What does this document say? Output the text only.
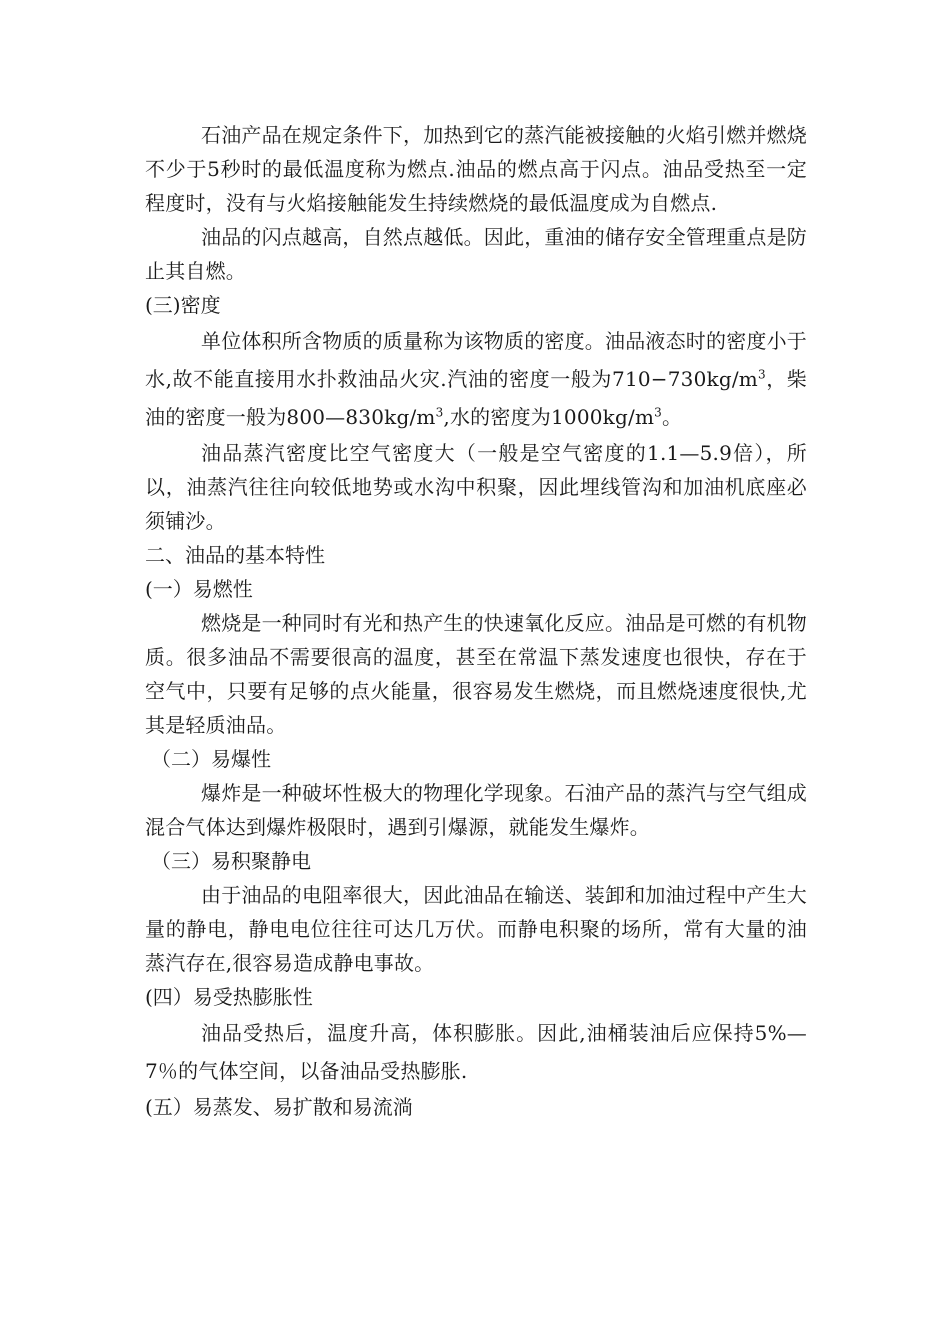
石油产品在规定条件下，加热到它的蒸汽能被接触的火焰引燃并燃烧不少于5秒时的最低温度称为燃点.油品的燃点高于闪点。油品受热至一定程度时，没有与火焰接触能发生持续燃烧的最低温度成为自燃点.

油品的闪点越高，自然点越低。因此，重油的储存安全管理重点是防止其自燃。

(三)密度

单位体积所含物质的质量称为该物质的密度。油品液态时的密度小于水,故不能直接用水扑救油品火灾.汽油的密度一般为$710-730kg/m^3$，柴油的密度一般为$800—830kg/m^3$,水的密度为$1000kg/m^3$。

油品蒸汽密度比空气密度大（一般是空气密度的1.1—5.9倍），所以，油蒸汽往往向较低地势或水沟中积聚，因此埋线管沟和加油机底座必须铺沙。

二、油品的基本特性

(一）易燃性

燃烧是一种同时有光和热产生的快速氧化反应。油品是可燃的有机物质。很多油品不需要很高的温度，甚至在常温下蒸发速度也很快，存在于空气中，只要有足够的点火能量，很容易发生燃烧，而且燃烧速度很快,尤其是轻质油品。

（二）易爆性

爆炸是一种破坏性极大的物理化学现象。石油产品的蒸汽与空气组成混合气体达到爆炸极限时，遇到引爆源，就能发生爆炸。

（三）易积聚静电

由于油品的电阻率很大，因此油品在输送、装卸和加油过程中产生大量的静电，静电电位往往可达几万伏。而静电积聚的场所，常有大量的油蒸汽存在,很容易造成静电事故。

(四）易受热膨胀性

油品受热后，温度升高，体积膨胀。因此,油桶装油后应保持5%—7％的气体空间，以备油品受热膨胀.

(五）易蒸发、易扩散和易流淌
